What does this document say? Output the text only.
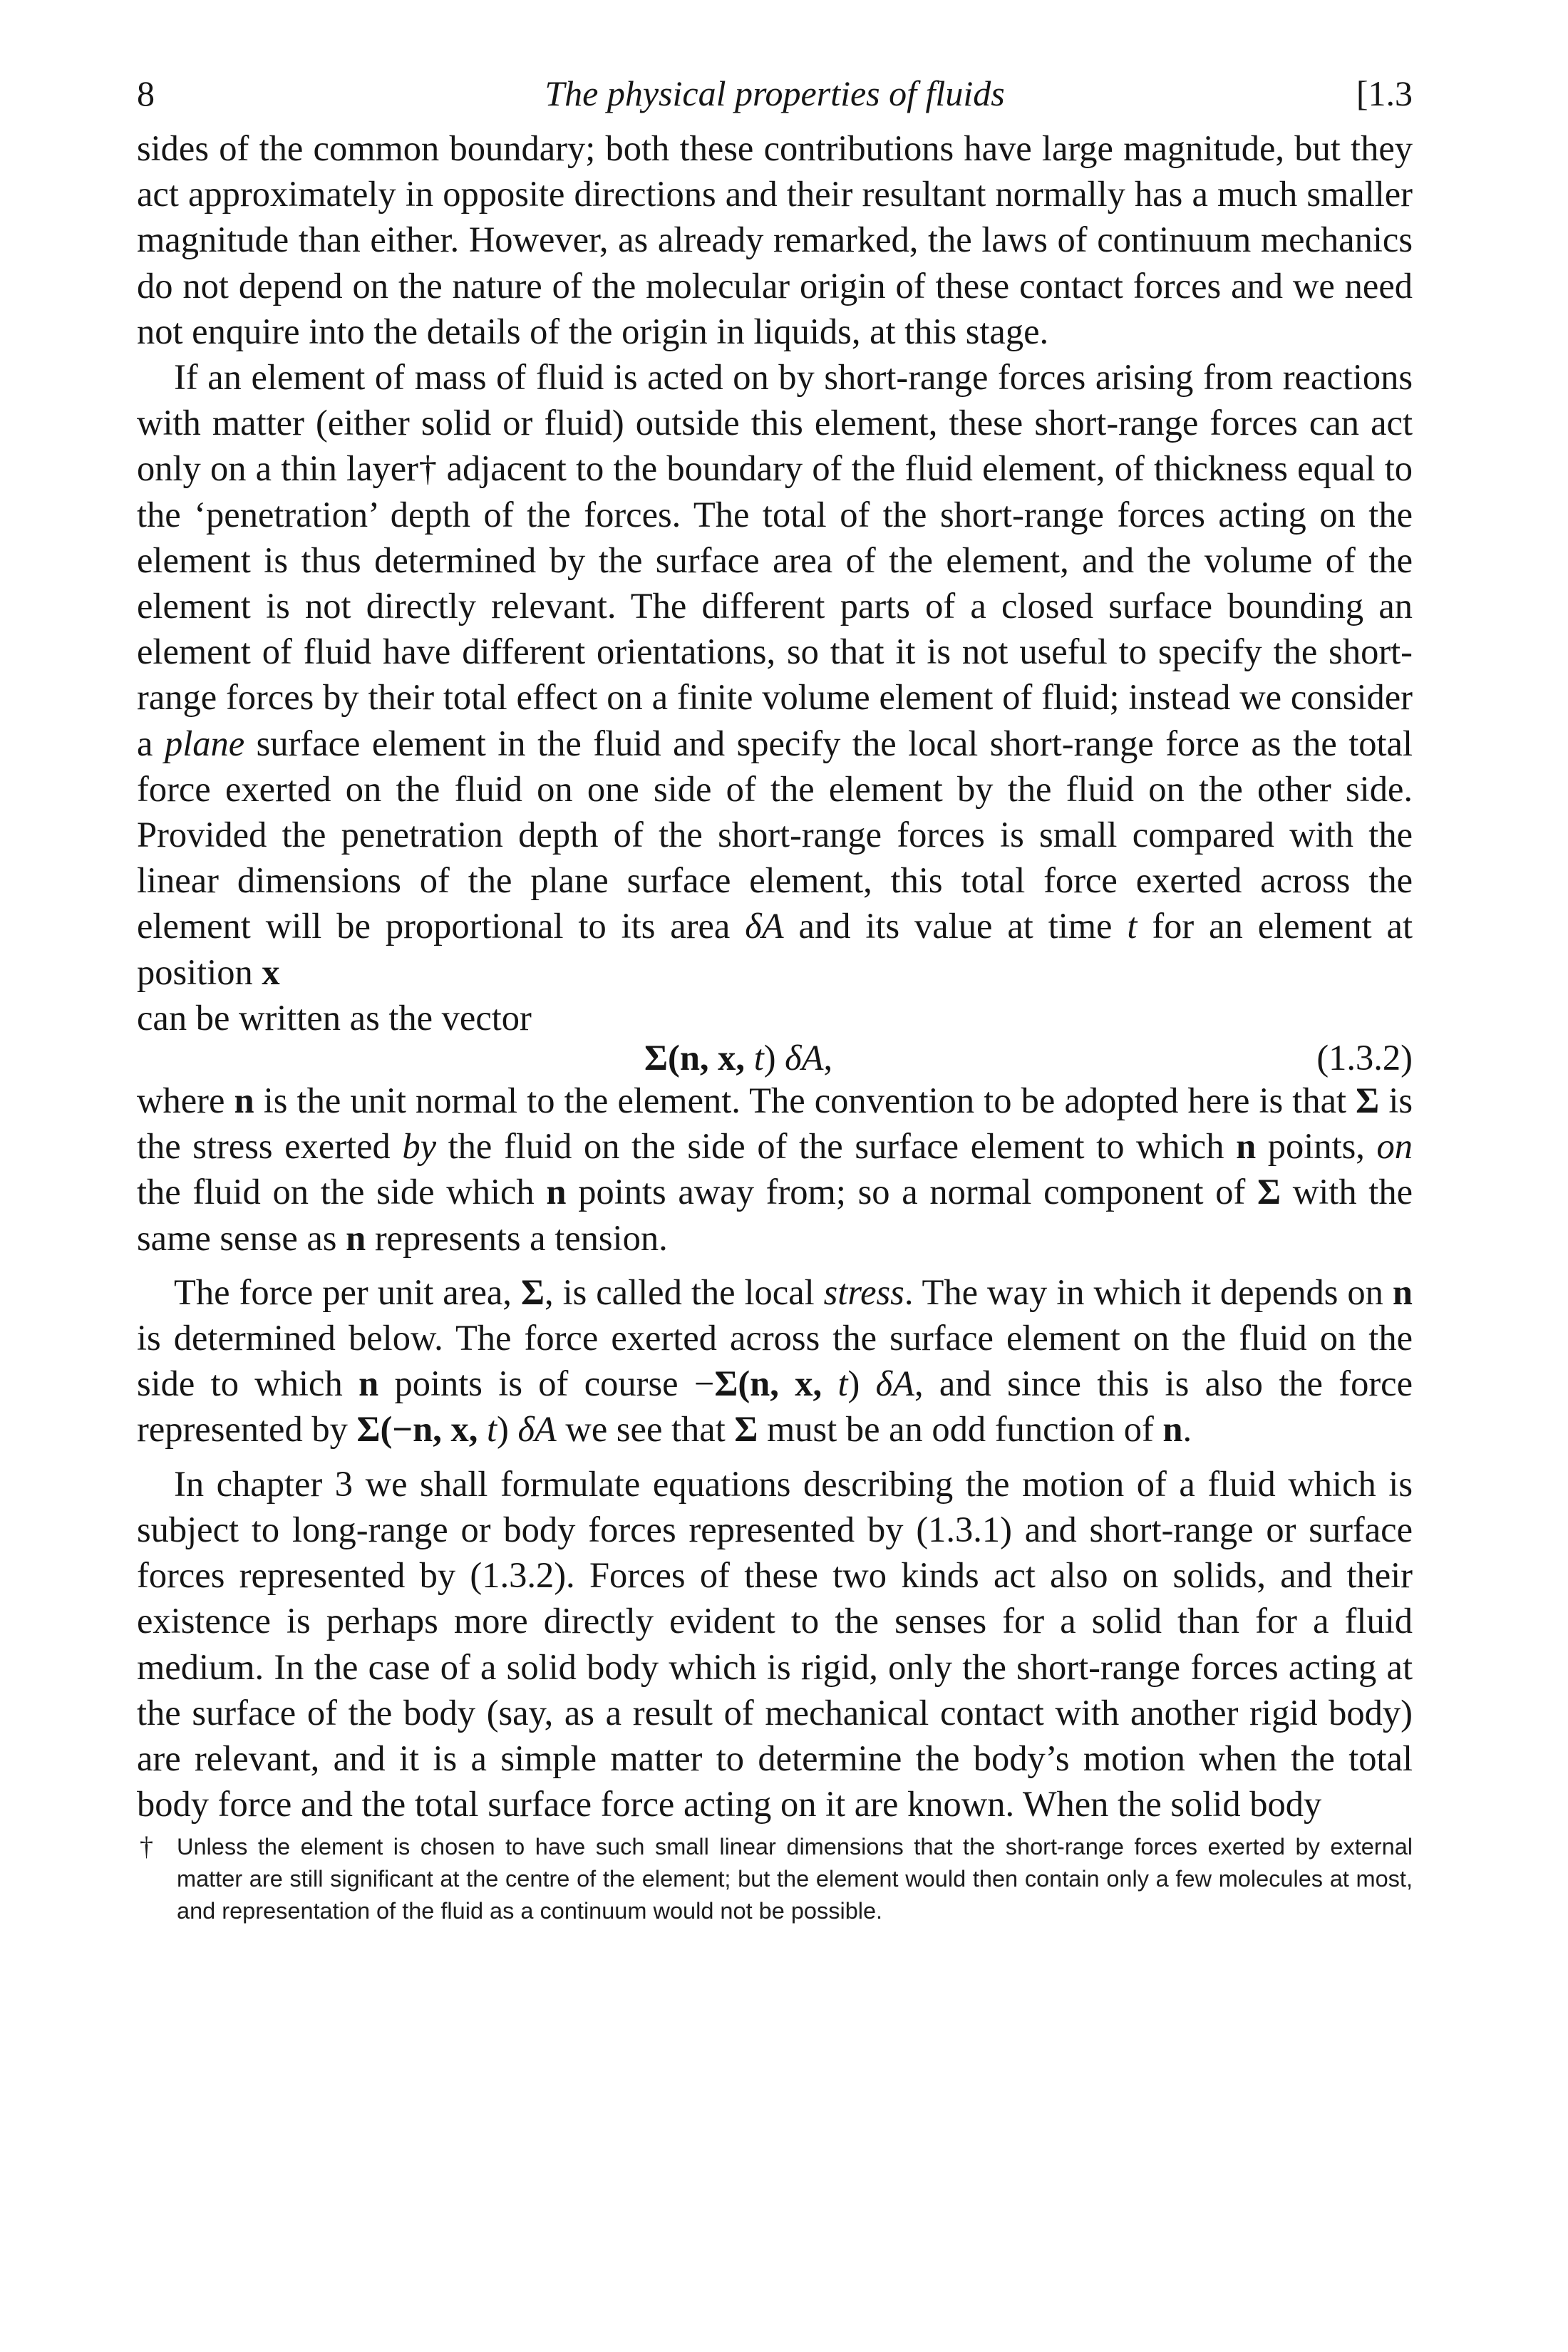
8	The physical properties of fluids	[1.3

sides of the common boundary; both these contributions have large magnitude, but they act approximately in opposite directions and their resultant normally has a much smaller magnitude than either. However, as already remarked, the laws of continuum mechanics do not depend on the nature of the molecular origin of these contact forces and we need not enquire into the details of the origin in liquids, at this stage.

If an element of mass of fluid is acted on by short-range forces arising from reactions with matter (either solid or fluid) outside this element, these short-range forces can act only on a thin layer† adjacent to the boundary of the fluid element, of thickness equal to the ‘penetration’ depth of the forces. The total of the short-range forces acting on the element is thus determined by the surface area of the element, and the volume of the element is not directly relevant. The different parts of a closed surface bounding an element of fluid have different orientations, so that it is not useful to specify the short-range forces by their total effect on a finite volume element of fluid; instead we consider a plane surface element in the fluid and specify the local short-range force as the total force exerted on the fluid on one side of the element by the fluid on the other side. Provided the penetration depth of the short-range forces is small compared with the linear dimensions of the plane surface element, this total force exerted across the element will be proportional to its area δA and its value at time t for an element at position x

can be written as the vector

Σ(n, x, t) δA,	(1.3.2)

where n is the unit normal to the element. The convention to be adopted here is that Σ is the stress exerted by the fluid on the side of the surface element to which n points, on the fluid on the side which n points away from; so a normal component of Σ with the same sense as n represents a tension.

The force per unit area, Σ, is called the local stress. The way in which it depends on n is determined below. The force exerted across the surface element on the fluid on the side to which n points is of course −Σ(n, x, t) δA, and since this is also the force represented by Σ(−n, x, t) δA we see that Σ must be an odd function of n.

In chapter 3 we shall formulate equations describing the motion of a fluid which is subject to long-range or body forces represented by (1.3.1) and short-range or surface forces represented by (1.3.2). Forces of these two kinds act also on solids, and their existence is perhaps more directly evident to the senses for a solid than for a fluid medium. In the case of a solid body which is rigid, only the short-range forces acting at the surface of the body (say, as a result of mechanical contact with another rigid body) are relevant, and it is a simple matter to determine the body’s motion when the total body force and the total surface force acting on it are known. When the solid body

† Unless the element is chosen to have such small linear dimensions that the short-range forces exerted by external matter are still significant at the centre of the element; but the element would then contain only a few molecules at most, and representation of the fluid as a continuum would not be possible.
